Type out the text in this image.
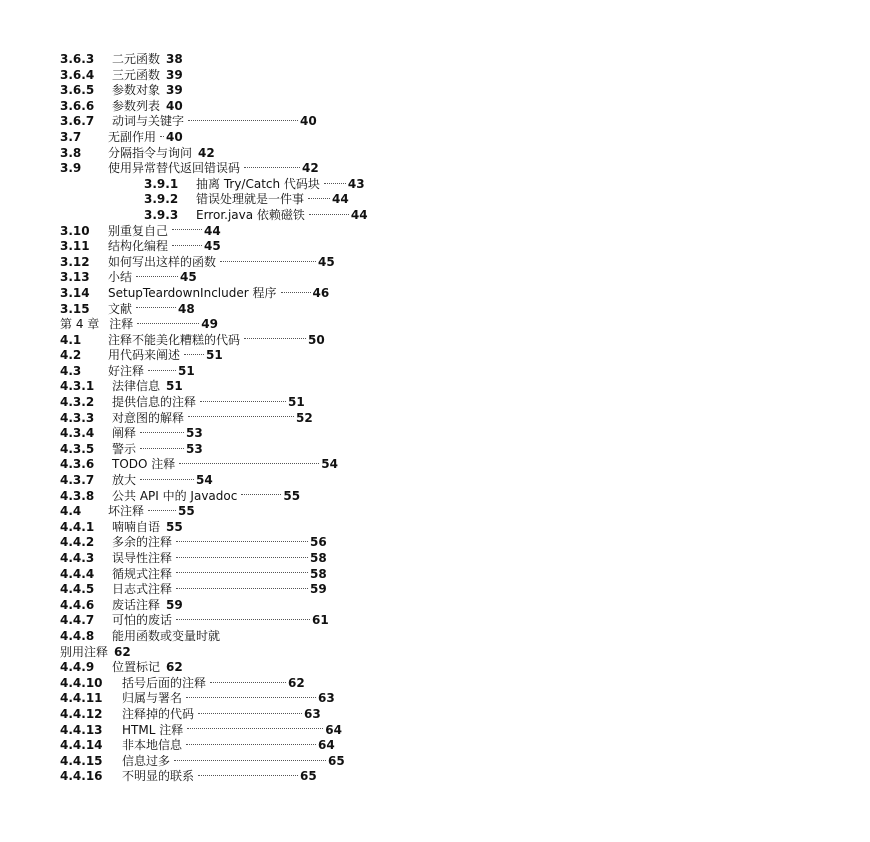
3.6.3	二元函数 38
3.6.4	三元函数 39
3.6.5	参数对象 39
3.6.6	参数列表 40
3.6.7	动词与关键字	40
3.7	无副作用 40
3.8	分隔指令与询问 42
3.9	使用异常替代返回错误码	42
3.9.1	抽离 Try/Catch 代码块 43
3.9.2	错误处理就是一件事 44
3.9.3	Error.java 依赖磁铁	44
3.10	别重复自己	44
3.11	结构化编程	45
3.12	如何写出这样的函数	45
3.13	小结	45
3.14	SetupTeardownIncluder 程序	46
3.15	文献	48
第 4 章 注释	49
4.1	注释不能美化糟糕的代码	50
4.2	用代码来阐述 51
4.3	好注释	51
4.3.1	法律信息 51
4.3.2	提供信息的注释	51
4.3.3	对意图的解释	52
4.3.4	阐释	53
4.3.5	警示	53
4.3.6	TODO 注释	54
4.3.7	放大	54
4.3.8	公共 API 中的 Javadoc	55
4.4	坏注释	55
4.4.1	喃喃自语 55
4.4.2	多余的注释	56
4.4.3	误导性注释	58
4.4.4	循规式注释	58
4.4.5	日志式注释	59
4.4.6	废话注释 59
4.4.7	可怕的废话	61
4.4.8	能用函数或变量时就
别用注释 62
4.4.9	位置标记 62
4.4.10	括号后面的注释	62
4.4.11	归属与署名	63
4.4.12	注释掉的代码	63
4.4.13	HTML 注释	64
4.4.14	非本地信息	64
4.4.15	信息过多	65
4.4.16	不明显的联系	65
